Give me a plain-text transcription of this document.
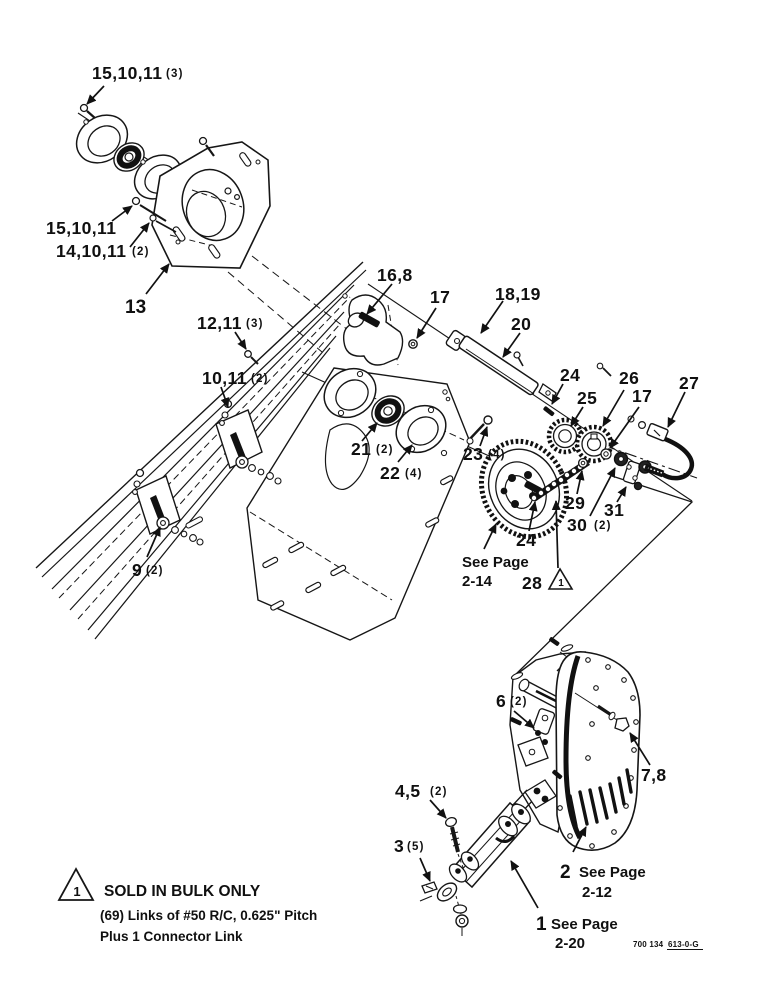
15,10,11 (3)
15,10,11
14,10,11 (2)
13
12,11 (3)
16,8
17	18,19
20
10,11 (2)
21 (2)
22 (4)
23 (4)
24
25
26
17
27
29
30 (2)
31
24
28
9 (2)
6 (2)
7,8
4,5 (2)
3 (5)
See Page
2-14
2 See Page
2-12
1 See Page
2-20
1
1 SOLD IN BULK ONLY
(69) Links of #50 R/C, 0.625" Pitch
Plus 1 Connector Link
700 134 613-0-G
